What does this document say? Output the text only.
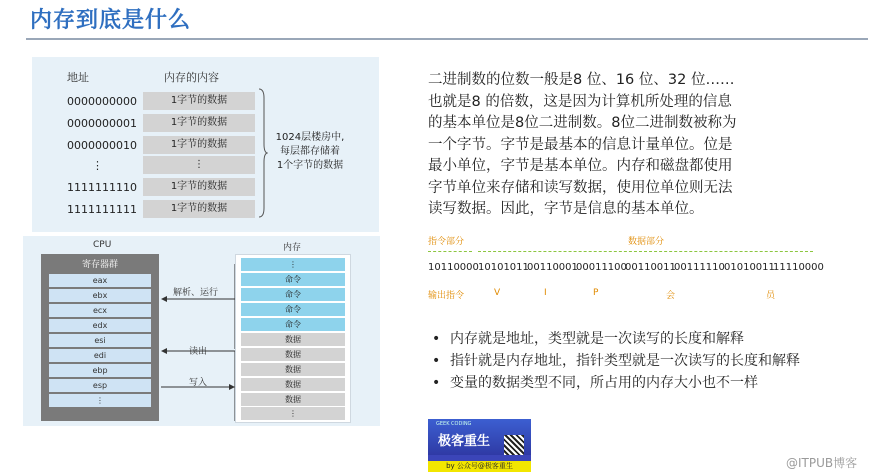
内存到底是什么
地址	内存的内容
0000000000	1字节的数据
0000000001	1字节的数据
0000000010	1字节的数据
⋮	⋮
1111111110	1字节的数据
1111111111	1字节的数据
1024层楼房中,
每层都存储着
1个字节的数据
CPU	内存
寄存器群
eax
ebx
ecx
edx
esi
edi
ebp
esp
⋮
解析、运行
读出
写入
⋮
命令
命令
命令
命令
数据
数据
数据
数据
数据
⋮
二进制数的位数一般是8 位、16 位、32 位……
也就是8 的倍数，这是因为计算机所处理的信息
的基本单位是8位二进制数。8位二进制数被称为
一个字节。字节是最基本的信息计量单位。位是
最小单位，字节是基本单位。内存和磁盘都使用
字节单位来存储和读写数据，使用位单位则无法
读写数据。因此，字节是信息的基本单位。
指令部分	数据部分
10110000 10101011
00110001
00011100
00110011
00111110 01010011
11110000
输出指令	V	I	P	会	员
• 内存就是地址，类型就是一次读写的长度和解释
• 指针就是内存地址，指针类型就是一次读写的长度和解释
• 变量的数据类型不同，所占用的内存大小也不一样
GEEK CODING
极客重生
by 公众号@极客重生	@ITPUB博客
